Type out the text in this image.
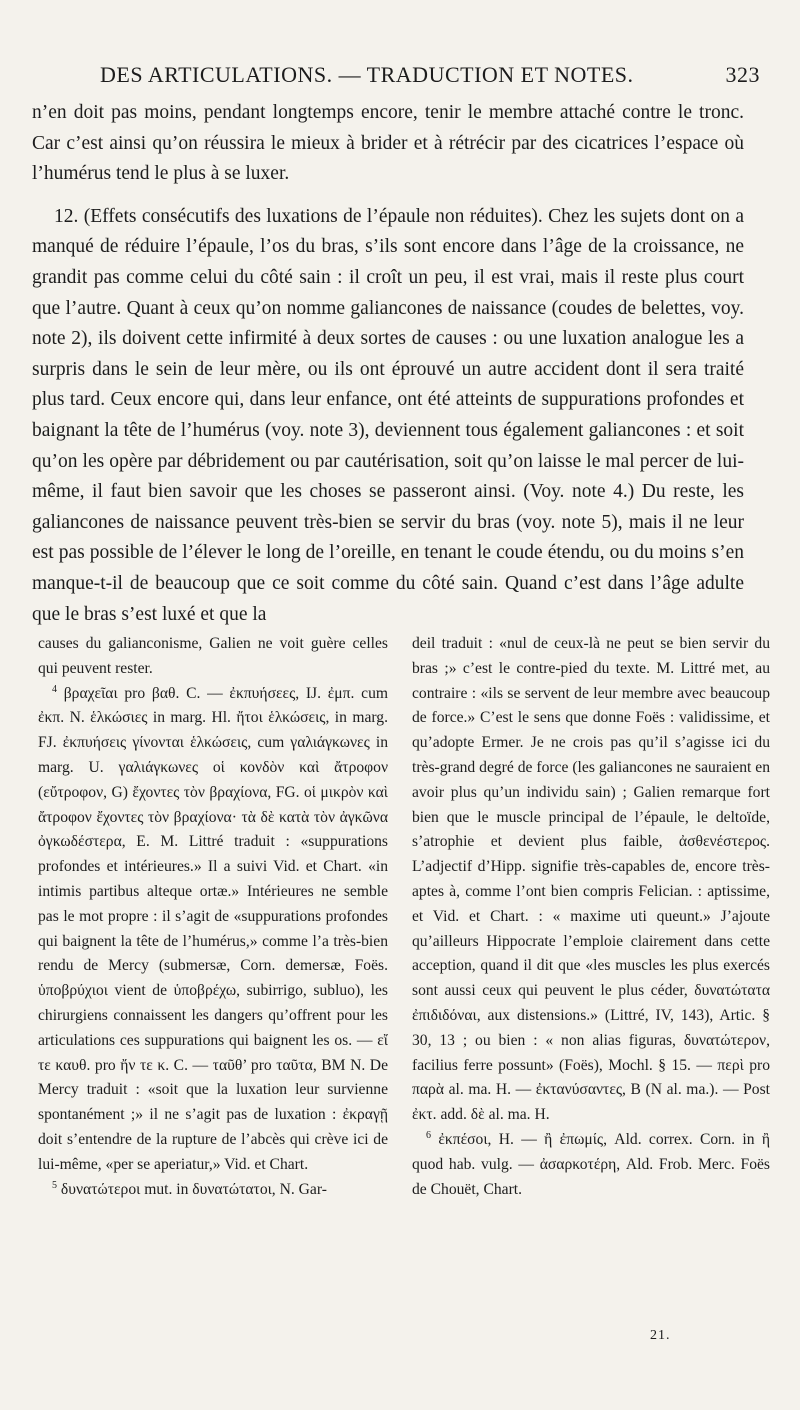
DES ARTICULATIONS. — TRADUCTION ET NOTES.	323

n’en doit pas moins, pendant longtemps encore, tenir le membre attaché contre le tronc. Car c’est ainsi qu’on réussira le mieux à brider et à rétrécir par des cicatrices l’espace où l’humérus tend le plus à se luxer.

12. (Effets consécutifs des luxations de l’épaule non réduites). Chez les sujets dont on a manqué de réduire l’épaule, l’os du bras, s’ils sont encore dans l’âge de la croissance, ne grandit pas comme celui du côté sain : il croît un peu, il est vrai, mais il reste plus court que l’autre. Quant à ceux qu’on nomme galiancones de naissance (coudes de belettes, voy. note 2), ils doivent cette infirmité à deux sortes de causes : ou une luxation analogue les a surpris dans le sein de leur mère, ou ils ont éprouvé un autre accident dont il sera traité plus tard. Ceux encore qui, dans leur enfance, ont été atteints de suppurations profondes et baignant la tête de l’humérus (voy. note 3), deviennent tous également galiancones : et soit qu’on les opère par débridement ou par cautérisation, soit qu’on laisse le mal percer de lui-même, il faut bien savoir que les choses se passeront ainsi. (Voy. note 4.) Du reste, les galiancones de naissance peuvent très-bien se servir du bras (voy. note 5), mais il ne leur est pas possible de l’élever le long de l’oreille, en tenant le coude étendu, ou du moins s’en manque-t-il de beaucoup que ce soit comme du côté sain. Quand c’est dans l’âge adulte que le bras s’est luxé et que la

causes du galianconisme, Galien ne voit guère celles qui peuvent rester.

$^4$ βραχεῖαι pro βαθ. C. — ἐκπυήσεες, IJ. ἐμπ. cum ἐκπ. N. ἑλκώσιες in marg. Hl. ἤτοι ἑλκώσεις, in marg. FJ. ἐκπυήσεις γίνονται ἑλκώσεις, cum γαλιάγκωνες in marg. U. γαλιάγκωνες οἱ κονδὸν καὶ ἄτροφον (εὔτροφον, G) ἔχοντες τὸν βραχίονα, FG. οἱ μικρὸν καὶ ἄτροφον ἔχοντες τὸν βραχίονα· τὰ δὲ κατὰ τὸν ἀγκῶνα ὀγκωδέστερα, E. M. Littré traduit : «suppurations profondes et intérieures.» Il a suivi Vid. et Chart. «in intimis partibus alteque ortæ.» Intérieures ne semble pas le mot propre : il s’agit de «suppurations profondes qui baignent la tête de l’humérus,» comme l’a très-bien rendu de Mercy (submersæ, Corn. demersæ, Foës. ὑποβρύχιοι vient de ὑποβρέχω, subirrigo, subluo), les chirurgiens connaissent les dangers qu’offrent pour les articulations ces suppurations qui baignent les os. — εἴ τε καυθ. pro ἤν τε κ. C. — ταῦθ’ pro ταῦτα, BM N. De Mercy traduit : «soit que la luxation leur survienne spontanément ;» il ne s’agit pas de luxation : ἐκραγῇ doit s’entendre de la rupture de l’abcès qui crève ici de lui-même, «per se aperiatur,» Vid. et Chart.

$^5$ δυνατώτεροι mut. in δυνατώτατοι, N. Gar-

deil traduit : «nul de ceux-là ne peut se bien servir du bras ;» c’est le contre-pied du texte. M. Littré met, au contraire : «ils se servent de leur membre avec beaucoup de force.» C’est le sens que donne Foës : validissime, et qu’adopte Ermer. Je ne crois pas qu’il s’agisse ici du très-grand degré de force (les galiancones ne sauraient en avoir plus qu’un individu sain) ; Galien remarque fort bien que le muscle principal de l’épaule, le deltoïde, s’atrophie et devient plus faible, ἀσθενέστερος. L’adjectif d’Hipp. signifie très-capables de, encore très-aptes à, comme l’ont bien compris Felician. : aptissime, et Vid. et Chart. : « maxime uti queunt.» J’ajoute qu’ailleurs Hippocrate l’emploie clairement dans cette acception, quand il dit que «les muscles les plus exercés sont aussi ceux qui peuvent le plus céder, δυνατώτατα ἐπιδιδόναι, aux distensions.» (Littré, IV, 143), Artic. § 30, 13 ; ou bien : « non alias figuras, δυνατώτερον, facilius ferre possunt» (Foës), Mochl. § 15. — περὶ pro παρὰ al. ma. H. — ἐκτανύσαντες, B (N al. ma.). — Post ἐκτ. add. δὲ al. ma. H.

$^6$ ἐκπέσοι, H. — ἢ ἐπωμίς, Ald. correx. Corn. in ἢ quod hab. vulg. — ἀσαρκοτέρη, Ald. Frob. Merc. Foës de Chouët, Chart.

21.
